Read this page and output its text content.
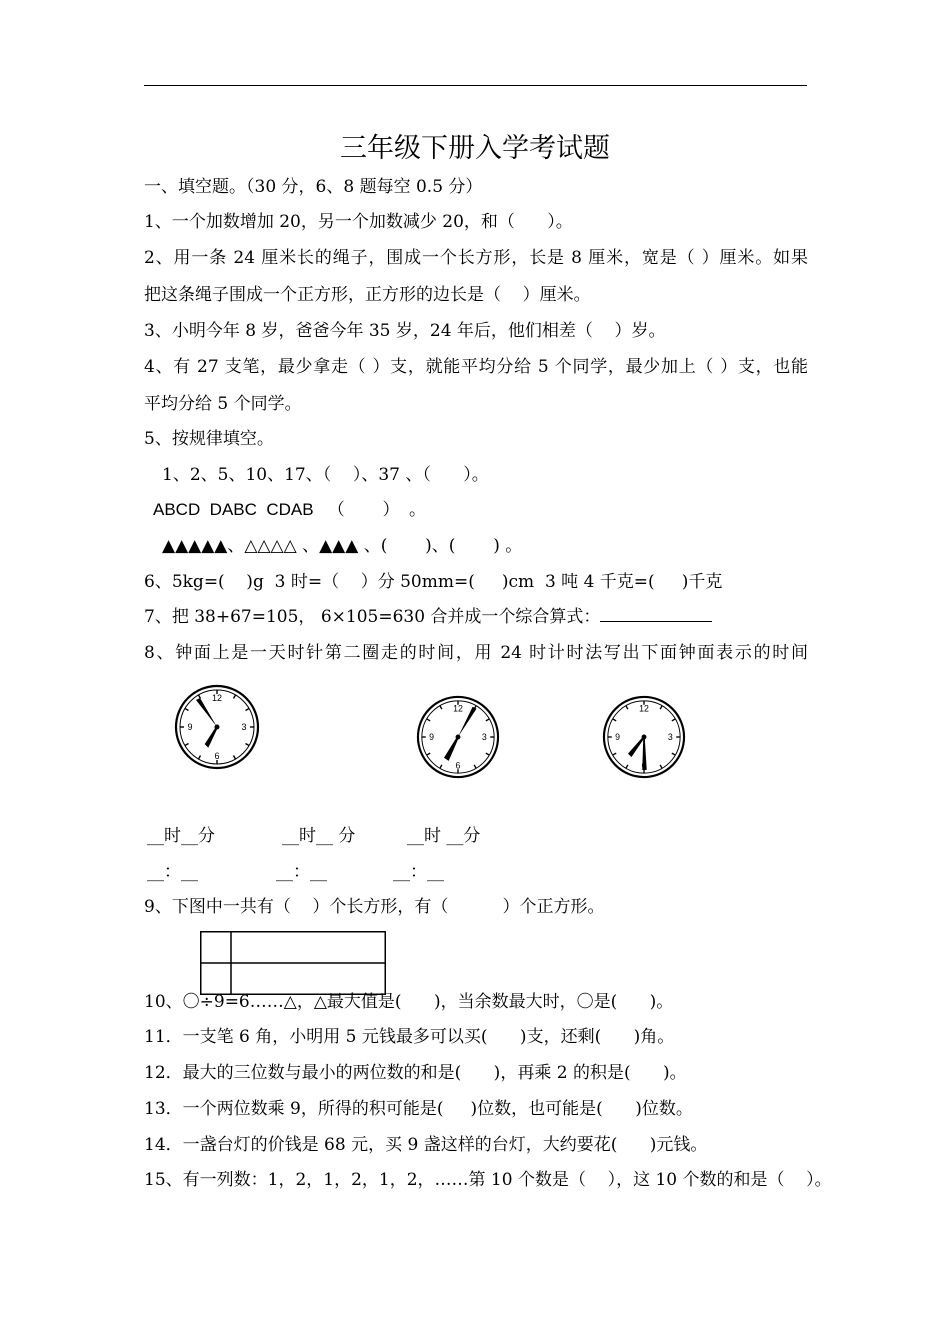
三年级下册入学考试题
一、填空题。（30 分，6、8 题每空 0.5 分）
1、一个加数增加 20，另一个加数减少 20，和（      ）。
2、用一条 24 厘米长的绳子，围成一个长方形，长是 8 厘米，宽是（ ）厘米。如果
把这条绳子围成一个正方形，正方形的边长是（    ）厘米。
3、小明今年 8 岁，爸爸今年 35 岁，24 年后，他们相差（    ）岁。
4、有 27 支笔，最少拿走（ ）支，就能平均分给 5 个同学，最少加上（ ）支，也能
平均分给 5 个同学。
5、按规律填空。
1、2、5、10、17、（    ）、37 、（      ）。
ABCD  DABC  CDAB   （        ）  。
▲▲▲▲▲、△△△△ 、▲▲▲ 、(       )、(       ) 。
6、5kg=(    )g  3 时=（    ）分 50mm=(     )cm  3 吨 4 千克=(     )千克
7、把 38+67=105， 6×105=630 合并成一个综合算式：
8、钟面上是一天时针第二圈走的时间，用 24 时计时法写出下面钟面表示的时间
12
3
6
9
12
3
6
9
12
3
9
__时__分	__时__ 分	__时 __分
__：__	__：__	__：__
9、下图中一共有（    ）个长方形，有（          ）个正方形。
10、〇÷9=6……△，△最大值是(      )，当余数最大时，〇是(      )。
11．一支笔 6 角，小明用 5 元钱最多可以买(      )支，还剩(      )角。
12．最大的三位数与最小的两位数的和是(      )，再乘 2 的积是(      )。
13．一个两位数乘 9，所得的积可能是(     )位数，也可能是(      )位数。
14．一盏台灯的价钱是 68 元，买 9 盏这样的台灯，大约要花(      )元钱。
15、有一列数：1，2，1，2，1，2，……第 10 个数是（    ），这 10 个数的和是（    ）。
